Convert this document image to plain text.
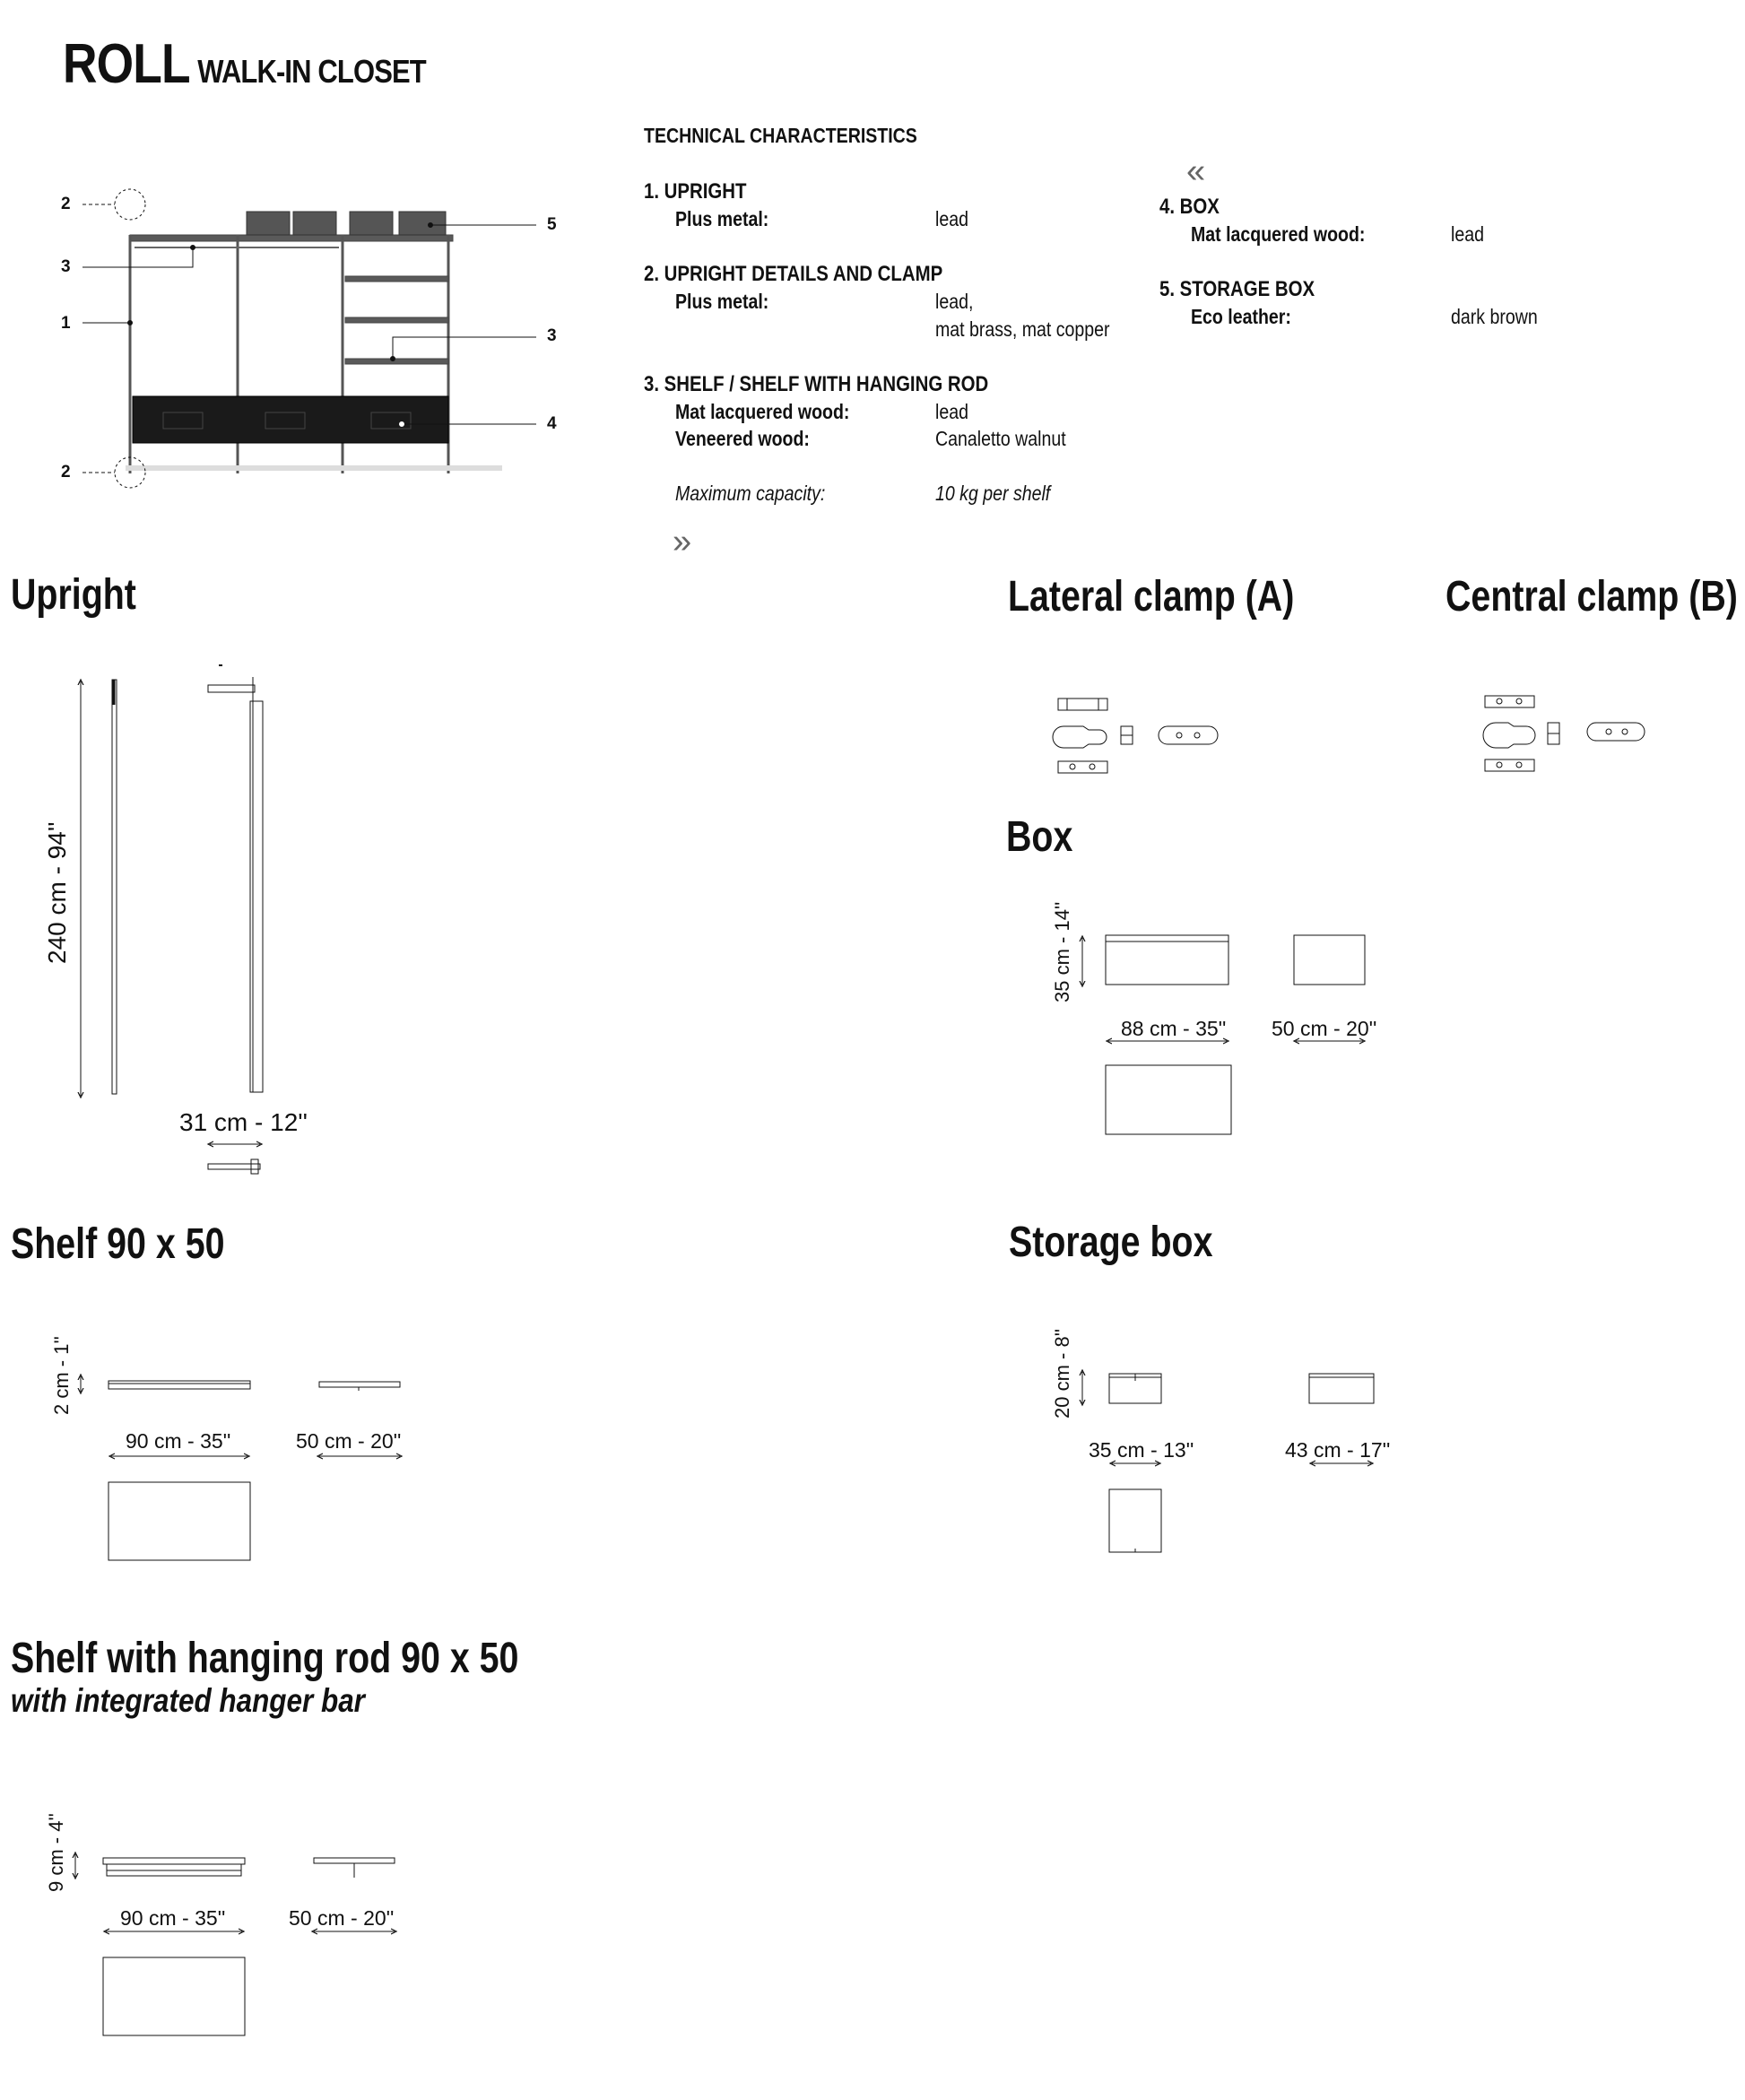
ROLL WALK-IN CLOSET
TECHNICAL CHARACTERISTICS
1. UPRIGHT
Plus metal:	lead
2. UPRIGHT DETAILS AND CLAMP
Plus metal:	lead,
mat brass, mat copper
3. SHELF / SHELF WITH HANGING ROD
Mat lacquered wood:	lead
Veneered wood:	Canaletto walnut
Maximum capacity:	10 kg per shelf
«
»
4. BOX
Mat lacquered wood:	lead
5. STORAGE BOX
Eco leather:	dark brown
Upright	Lateral clamp (A)	Central clamp (B)
Box
Shelf 90 x 50	Storage box
Shelf with hanging rod 90 x 50
with integrated hanger bar
2
3
1
2
5
3
4
240 cm - 94''
31 cm - 12''
35 cm - 14''
88 cm - 35'' 50 cm - 20''
2 cm - 1''
90 cm - 35''	50 cm - 20''
20 cm - 8''
35 cm - 13''	43 cm - 17''
9 cm - 4''
90 cm - 35''	50 cm - 20''
